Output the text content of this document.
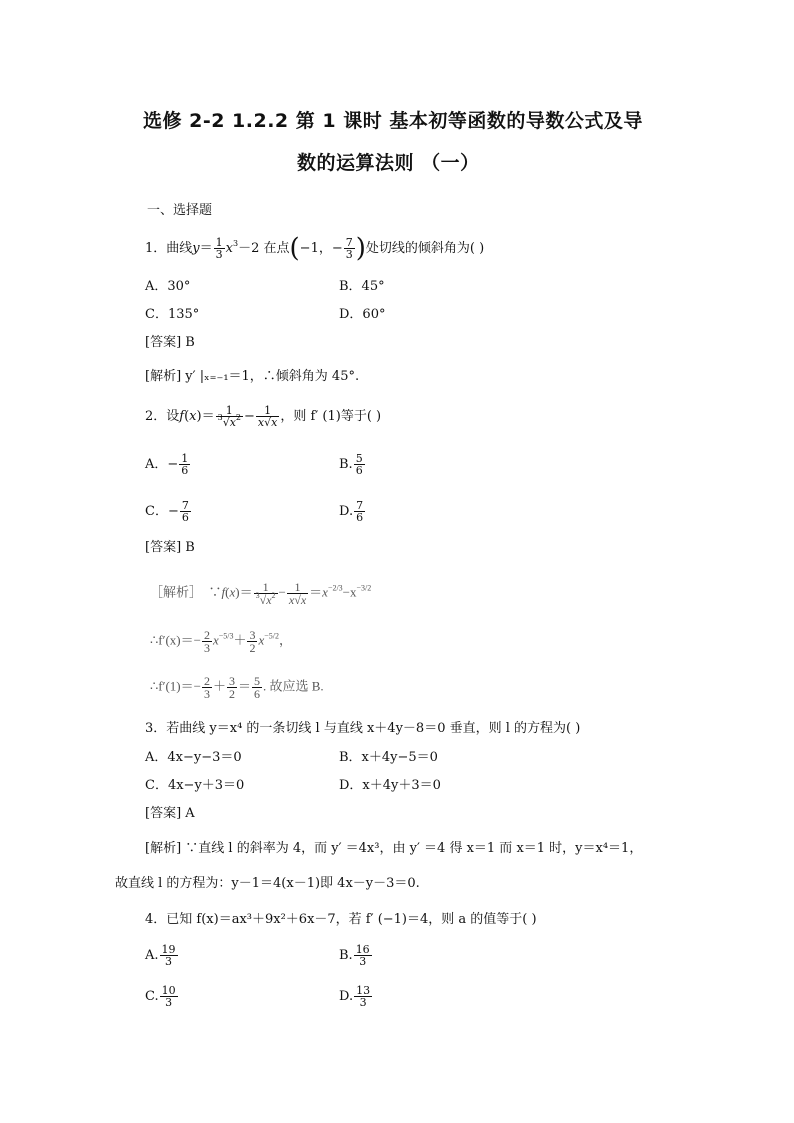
选修 2-2 1.2.2 第 1 课时 基本初等函数的导数公式及导
数的运算法则 （一）
一、选择题
1．曲线$y= \frac{1}{3} x^3-2$ 在点(−1，− $\frac{7}{3}$ )处切线的倾斜角为( )
A．30°	B．45°
C．135°	D．60°
[答案] B
[解析] y′ |ₓ₌₋₁＝1，∴倾斜角为 45°.
2．设$f(x)= \frac{1}{^3√x^2} - \frac{1}{x√x}$ ，则 f′ (1)等于( )
A．− $\frac{1}{6}$	B. $\frac{5}{6}$
C．− $\frac{7}{6}$	D. $\frac{7}{6}$
[答案] B
［解析］  ∵f(x)＝ $\frac{1}{^3√x^2} - \frac{1}{x√x} =x^{-2/3}-x^{-3/2}$
∴f′(x)＝− $\frac{2}{3} x^{-5/3}+ \frac{3}{2} x^{-5/2}$，
∴f′(1)＝− $\frac{2}{3} + \frac{3}{2} = \frac{5}{6}$ . 故应选 B.
3．若曲线 y＝x⁴ 的一条切线 l 与直线 x＋4y－8＝0 垂直，则 l 的方程为( )
A．4x−y−3＝0	B．x＋4y−5＝0
C．4x−y＋3＝0	D．x＋4y＋3＝0
[答案] A
[解析] ∵直线 l 的斜率为 4，而 y′ ＝4x³，由 y′ ＝4 得 x＝1 而 x＝1 时，y＝x⁴＝1，
故直线 l 的方程为：y－1＝4(x－1)即 4x－y－3＝0.
4．已知 f(x)＝ax³＋9x²＋6x－7，若 f′ (−1)＝4，则 a 的值等于( )
A. $\frac{19}{3}$	B. $\frac{16}{3}$
C. $\frac{10}{3}$	D. $\frac{13}{3}$
